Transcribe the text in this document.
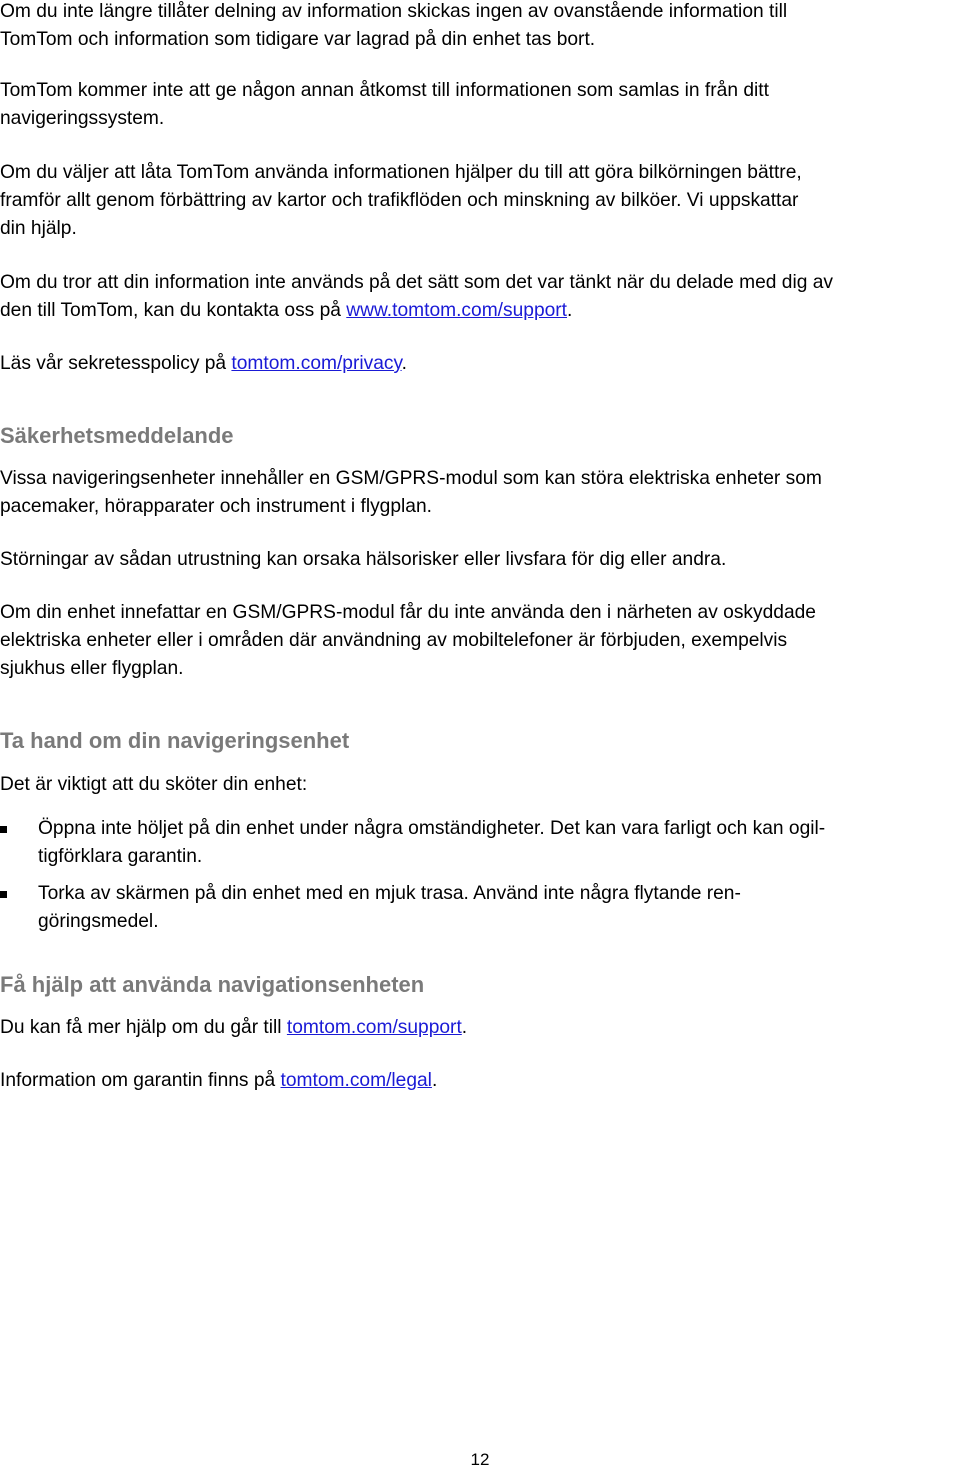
Om du inte längre tillåter delning av information skickas ingen av ovanstående information till
TomTom och information som tidigare var lagrad på din enhet tas bort.
TomTom kommer inte att ge någon annan åtkomst till informationen som samlas in från ditt
navigeringssystem.
Om du väljer att låta TomTom använda informationen hjälper du till att göra bilkörningen bättre,
framför allt genom förbättring av kartor och trafikflöden och minskning av bilköer. Vi uppskattar
din hjälp.
Om du tror att din information inte används på det sätt som det var tänkt när du delade med dig av
den till TomTom, kan du kontakta oss på www.tomtom.com/support.
Läs vår sekretesspolicy på tomtom.com/privacy.
Säkerhetsmeddelande
Vissa navigeringsenheter innehåller en GSM/GPRS-modul som kan störa elektriska enheter som
pacemaker, hörapparater och instrument i flygplan.
Störningar av sådan utrustning kan orsaka hälsorisker eller livsfara för dig eller andra.
Om din enhet innefattar en GSM/GPRS-modul får du inte använda den i närheten av oskyddade
elektriska enheter eller i områden där användning av mobiltelefoner är förbjuden, exempelvis
sjukhus eller flygplan.
Ta hand om din navigeringsenhet
Det är viktigt att du sköter din enhet:
Öppna inte höljet på din enhet under några omständigheter. Det kan vara farligt och kan ogil-
tigförklara garantin.
Torka av skärmen på din enhet med en mjuk trasa. Använd inte några flytande ren-
göringsmedel.
Få hjälp att använda navigationsenheten
Du kan få mer hjälp om du går till tomtom.com/support.
Information om garantin finns på tomtom.com/legal.
12
